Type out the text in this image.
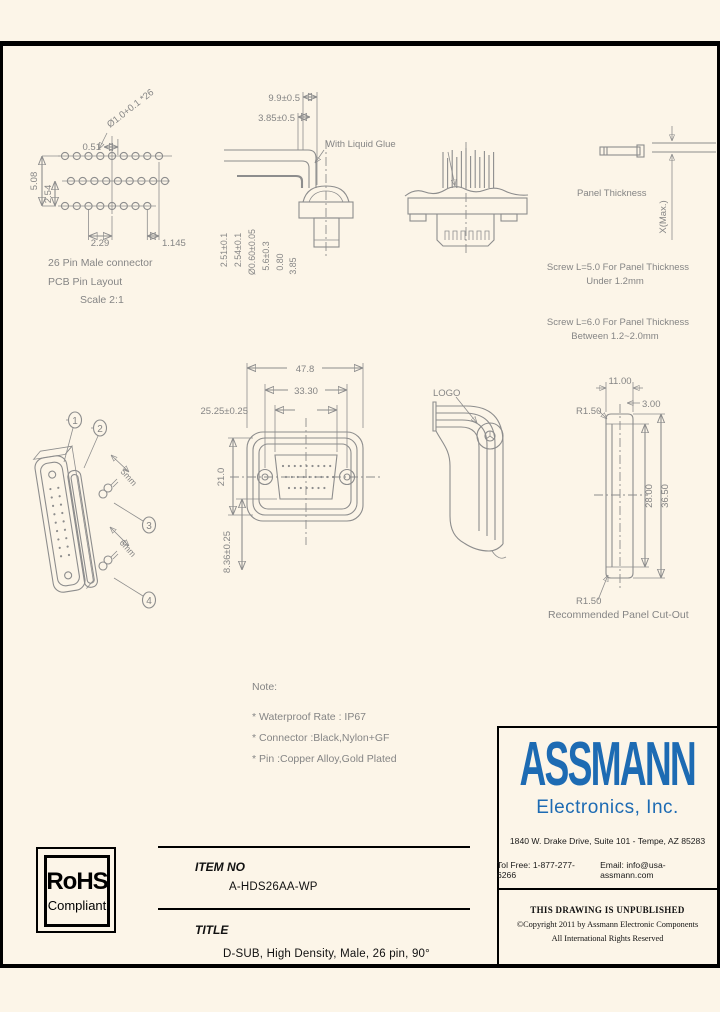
0.51
Ø1.0+0.1 *26
5.08
2.54
2.29	1.145
26 Pin Male connector
PCB Pin Layout
Scale 2:1
9.9±0.5
3.85±0.5
With Liquid Glue
2.51±0.1 2.54±0.1 Ø0.60±0.05 5.6±0.3 0.80 3.85
Panel Thickness
X(Max.)
Screw L=5.0 For Panel Thickness
Under 1.2mm
Screw L=6.0 For Panel Thickness
Between 1.2~2.0mm
5mm
6mm
1
2
3
4
47.8
33.30
25.25±0.25
21.0
8.36±0.25
LOGO
11.00
3.00
R1.50
28.00 36.50
R1.50
Recommended Panel Cut-Out
Note:
* Waterproof Rate : IP67
* Connector :Black,Nylon+GF
* Pin :Copper Alloy,Gold Plated
RoHS
Compliant
ITEM NO
A-HDS26AA-WP
TITLE
D-SUB, High Density, Male, 26 pin, 90°
ASSMANN
Electronics, Inc.
1840 W. Drake Drive, Suite 101 - Tempe, AZ 85283
Tol Free: 1-877-277-6266
Email: info@usa-assmann.com
THIS DRAWING IS UNPUBLISHED
©Copyright 2011 by Assmann Electronic Components
All International Rights Reserved
